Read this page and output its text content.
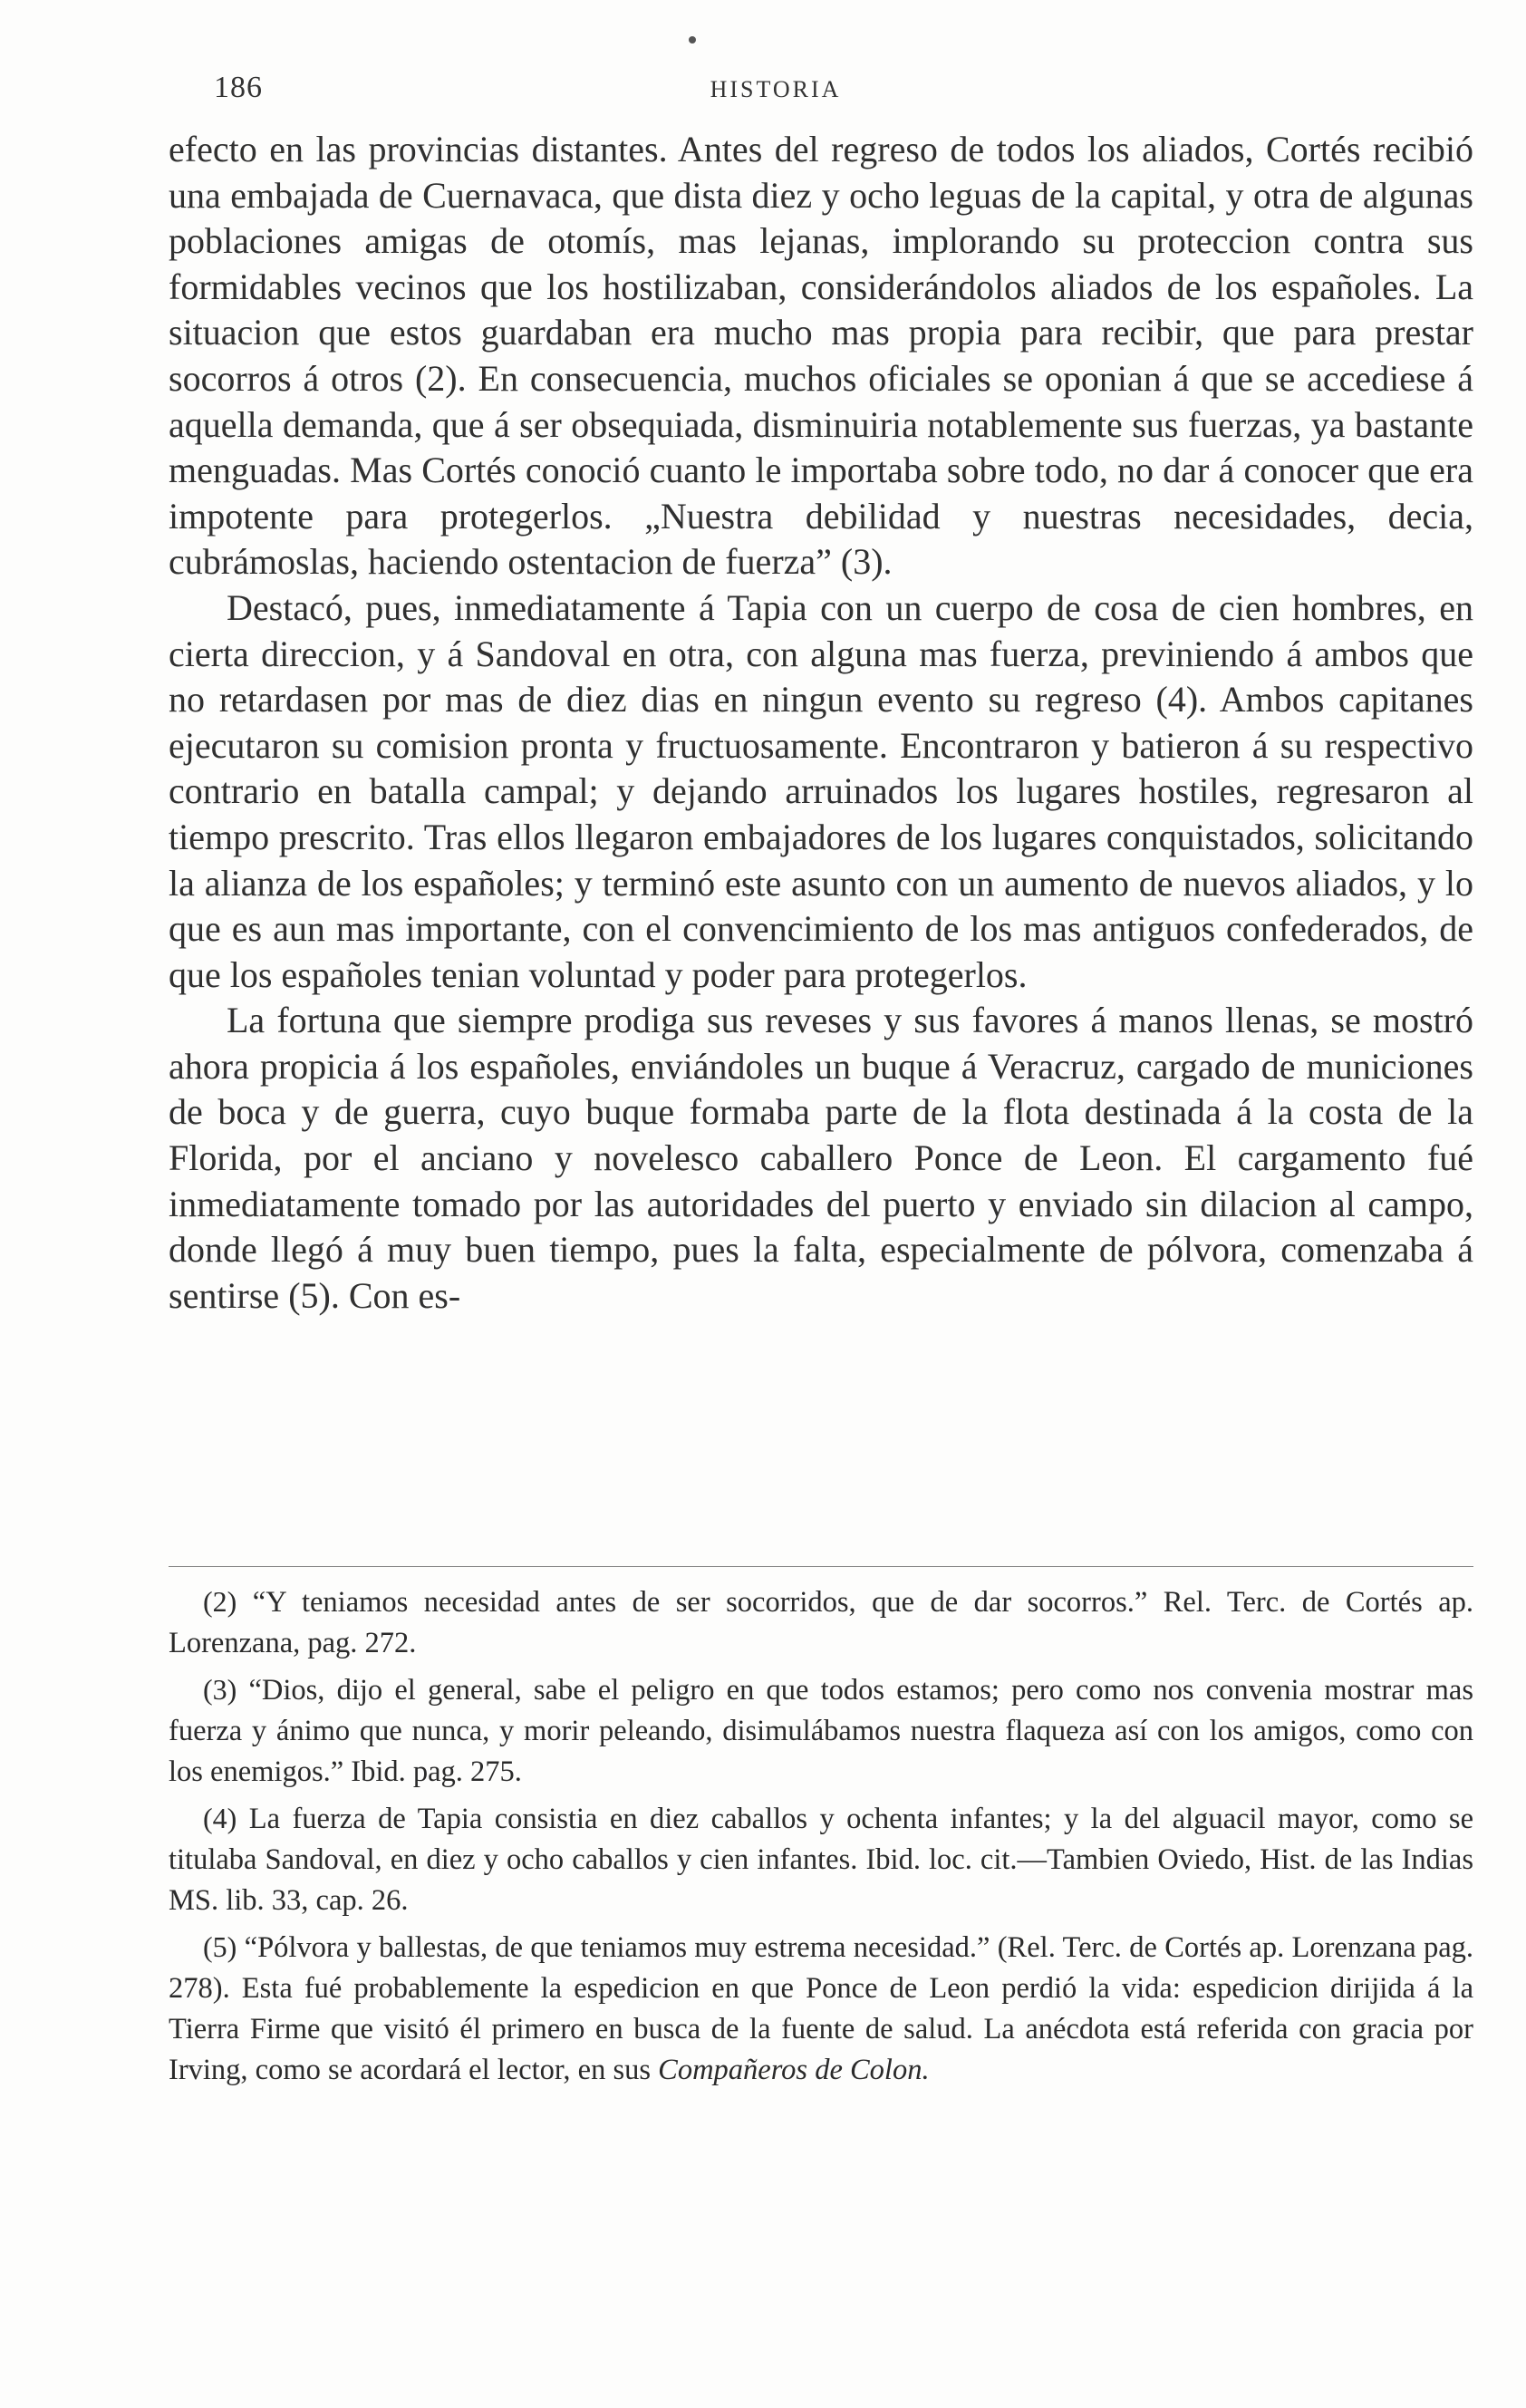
186	HISTORIA

efecto en las provincias distantes. Antes del regreso de todos los aliados, Cortés recibió una embajada de Cuernavaca, que dista diez y ocho leguas de la capital, y otra de algunas poblaciones amigas de otomís, mas lejanas, implorando su proteccion contra sus formidables vecinos que los hostilizaban, considerándolos aliados de los españoles. La situacion que estos guardaban era mucho mas propia para recibir, que para prestar socorros á otros (2). En consecuencia, muchos oficiales se oponian á que se accediese á aquella demanda, que á ser obsequiada, disminuiria notablemente sus fuerzas, ya bastante menguadas. Mas Cortés conoció cuanto le importaba sobre todo, no dar á conocer que era impotente para protegerlos. „Nuestra debilidad y nuestras necesidades, decia, cubrámoslas, haciendo ostentacion de fuerza” (3).

Destacó, pues, inmediatamente á Tapia con un cuerpo de cosa de cien hombres, en cierta direccion, y á Sandoval en otra, con alguna mas fuerza, previniendo á ambos que no retardasen por mas de diez dias en ningun evento su regreso (4). Ambos capitanes ejecutaron su comision pronta y fructuosamente. Encontraron y batieron á su respectivo contrario en batalla campal; y dejando arruinados los lugares hostiles, regresaron al tiempo prescrito. Tras ellos llegaron embajadores de los lugares conquistados, solicitando la alianza de los españoles; y terminó este asunto con un aumento de nuevos aliados, y lo que es aun mas importante, con el convencimiento de los mas antiguos confederados, de que los españoles tenian voluntad y poder para protegerlos.

La fortuna que siempre prodiga sus reveses y sus favores á manos llenas, se mostró ahora propicia á los españoles, enviándoles un buque á Veracruz, cargado de municiones de boca y de guerra, cuyo buque formaba parte de la flota destinada á la costa de la Florida, por el anciano y novelesco caballero Ponce de Leon. El cargamento fué inmediatamente tomado por las autoridades del puerto y enviado sin dilacion al campo, donde llegó á muy buen tiempo, pues la falta, especialmente de pólvora, comenzaba á sentirse (5). Con es-

(2) “Y teniamos necesidad antes de ser socorridos, que de dar socorros.” Rel. Terc. de Cortés ap. Lorenzana, pag. 272.

(3) “Dios, dijo el general, sabe el peligro en que todos estamos; pero como nos convenia mostrar mas fuerza y ánimo que nunca, y morir peleando, disimulábamos nuestra flaqueza así con los amigos, como con los enemigos.” Ibid. pag. 275.

(4) La fuerza de Tapia consistia en diez caballos y ochenta infantes; y la del alguacil mayor, como se titulaba Sandoval, en diez y ocho caballos y cien infantes. Ibid. loc. cit.—Tambien Oviedo, Hist. de las Indias MS. lib. 33, cap. 26.

(5) “Pólvora y ballestas, de que teniamos muy estrema necesidad.” (Rel. Terc. de Cortés ap. Lorenzana pag. 278). Esta fué probablemente la espedicion en que Ponce de Leon perdió la vida: espedicion dirijida á la Tierra Firme que visitó él primero en busca de la fuente de salud. La anécdota está referida con gracia por Irving, como se acordará el lector, en sus Compañeros de Colon.
